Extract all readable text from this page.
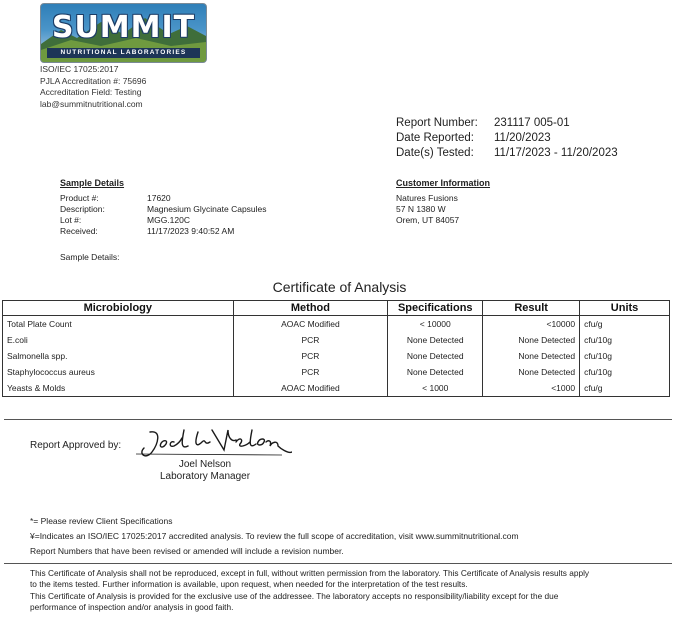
SUMMIT
NUTRITIONAL LABORATORIES
ISO/IEC 17025:2017
PJLA Accreditation #: 75696
Accreditation Field: Testing
lab@summitnutritional.com
Report Number: 231117 005-01
Date Reported: 11/20/2023
Date(s) Tested: 11/17/2023 - 11/20/2023
Sample Details
Product #:	17620
Description:	Magnesium Glycinate Capsules
Lot #:	MGG.120C
Received:	11/17/2023 9:40:52 AM
Sample Details:
Customer Information
Natures Fusions
57 N 1380 W
Orem, UT 84057
Certificate of Analysis
Microbiology	Method	Specifications	Result	Units
Total Plate Count	AOAC Modified	< 10000	<10000	cfu/g
E.coli	PCR	None Detected	None Detected	cfu/10g
Salmonella spp.	PCR	None Detected	None Detected	cfu/10g
Staphylococcus aureus	PCR	None Detected	None Detected	cfu/10g
Yeasts & Molds	AOAC Modified	< 1000	<1000	cfu/g
Report Approved by:
Joel Nelson
Laboratory Manager
*= Please review Client Specifications
¥=Indicates an ISO/IEC 17025:2017 accredited analysis. To review the full scope of accreditation, visit www.summitnutritional.com
Report Numbers that have been revised or amended will include a revision number.
This Certificate of Analysis shall not be reproduced, except in full, without written permission from the laboratory. This Certificate of Analysis results apply
to the items tested. Further information is available, upon request, when needed for the interpretation of the test results.
This Certificate of Analysis is provided for the exclusive use of the addressee. The laboratory accepts no responsibility/liability except for the due
performance of inspection and/or analysis in good faith.
